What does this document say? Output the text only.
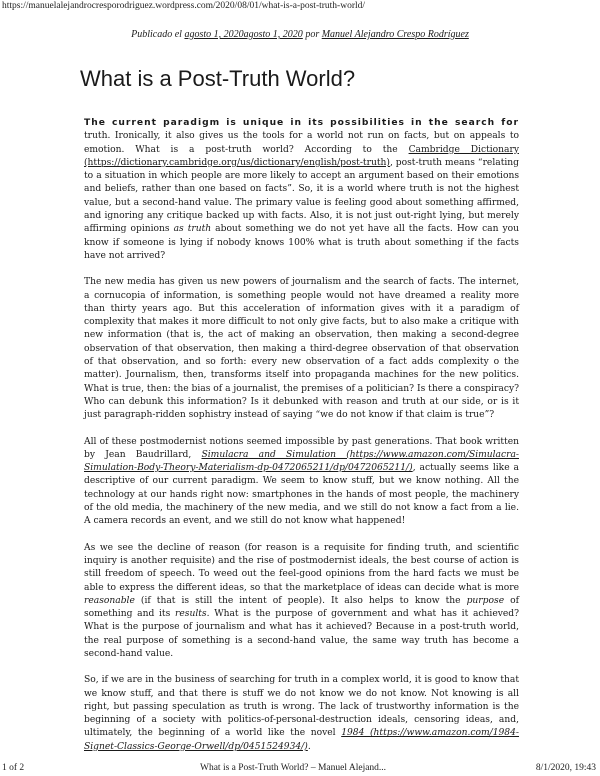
https://manuelalejandrocresporodriguez.wordpress.com/2020/08/01/what-is-a-post-truth-world/
Publicado el agosto 1, 2020agosto 1, 2020 por Manuel Alejandro Crespo Rodríguez
What is a Post-Truth World?

The current paradigm is unique in its possibilities in the search for truth. Ironically, it also gives us the tools for a world not run on facts, but on appeals to emotion. What is a post-truth world? According to the Cambridge Dictionary (https://dictionary.cambridge.org/us/dictionary/english/post-truth), post-truth means “relating to a situation in which people are more likely to accept an argument based on their emotions and beliefs, rather than one based on facts”. So, it is a world where truth is not the highest value, but a second-hand value. The primary value is feeling good about something affirmed, and ignoring any critique backed up with facts. Also, it is not just out-right lying, but merely affirming opinions as truth about something we do not yet have all the facts. How can you know if someone is lying if nobody knows 100% what is truth about something if the facts have not arrived?

The new media has given us new powers of journalism and the search of facts. The internet, a cornucopia of information, is something people would not have dreamed a reality more than thirty years ago. But this acceleration of information gives with it a paradigm of complexity that makes it more difficult to not only give facts, but to also make a critique with new information (that is, the act of making an observation, then making a second-degree observation of that observation, then making a third-degree observation of that observation of that observation, and so forth: every new observation of a fact adds complexity o the matter). Journalism, then, transforms itself into propaganda machines for the new politics. What is true, then: the bias of a journalist, the premises of a politician? Is there a conspiracy? Who can debunk this information? Is it debunked with reason and truth at our side, or is it just paragraph-ridden sophistry instead of saying “we do not know if that claim is true”?

All of these postmodernist notions seemed impossible by past generations. That book written by Jean Baudrillard, Simulacra and Simulation (https://www.amazon.com/Simulacra-Simulation-Body-Theory-Materialism-dp-0472065211/dp/0472065211/), actually seems like a descriptive of our current paradigm. We seem to know stuff, but we know nothing. All the technology at our hands right now: smartphones in the hands of most people, the machinery of the old media, the machinery of the new media, and we still do not know a fact from a lie. A camera records an event, and we still do not know what happened!

As we see the decline of reason (for reason is a requisite for finding truth, and scientific inquiry is another requisite) and the rise of postmodernist ideals, the best course of action is still freedom of speech. To weed out the feel-good opinions from the hard facts we must be able to express the different ideas, so that the marketplace of ideas can decide what is more reasonable (if that is still the intent of people). It also helps to know the purpose of something and its results. What is the purpose of government and what has it achieved? What is the purpose of journalism and what has it achieved? Because in a post-truth world, the real purpose of something is a second-hand value, the same way truth has become a second-hand value.

So, if we are in the business of searching for truth in a complex world, it is good to know that we know stuff, and that there is stuff we do not know we do not know. Not knowing is all right, but passing speculation as truth is wrong. The lack of trustworthy information is the beginning of a society with politics-of-personal-destruction ideals, censoring ideas, and, ultimately, the beginning of a world like the novel 1984 (https://www.amazon.com/1984-Signet-Classics-George-Orwell/dp/0451524934/).

1 of 2	What is a Post-Truth World? – Manuel Alejand...	8/1/2020, 19:43
